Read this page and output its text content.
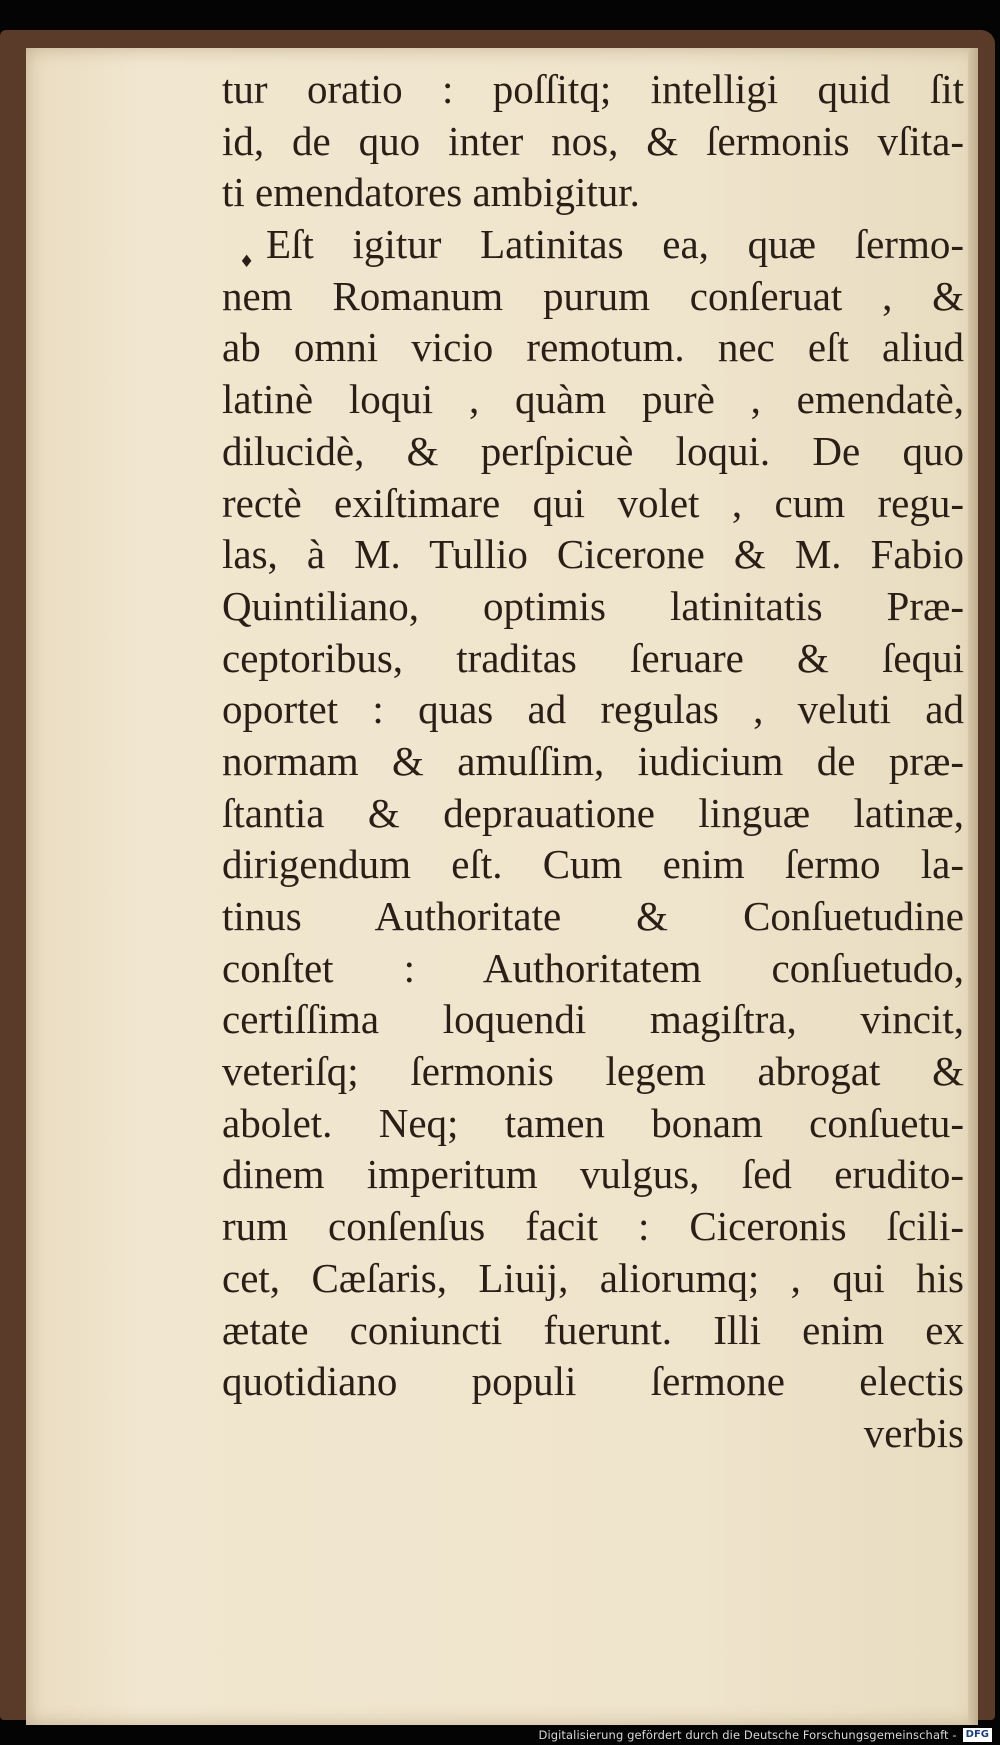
♦
tur oratio : poſſitq; intelligi quid ſit
id, de quo inter nos, & ſermonis vſita-
ti emendatores ambigitur.
Eſt igitur Latinitas ea, quæ ſermo-
nem Romanum purum conſeruat , &
ab omni vicio remotum. nec eſt aliud
latinè loqui , quàm purè , emendatè,
dilucidè, & perſpicuè loqui. De quo
rectè exiſtimare qui volet , cum regu-
las, à M. Tullio Cicerone & M. Fabio
Quintiliano, optimis latinitatis Præ-
ceptoribus, traditas ſeruare & ſequi
oportet : quas ad regulas , veluti ad
normam & amuſſim, iudicium de præ-
ſtantia & deprauatione linguæ latinæ,
dirigendum eſt. Cum enim ſermo la-
tinus Authoritate & Conſuetudine
conſtet : Authoritatem conſuetudo,
certiſſima loquendi magiſtra, vincit,
veteriſq; ſermonis legem abrogat &
abolet. Neq; tamen bonam conſuetu-
dinem imperitum vulgus, ſed erudito-
rum conſenſus facit : Ciceronis ſcili-
cet, Cæſaris, Liuij, aliorumq; , qui his
ætate coniuncti fuerunt. Illi enim ex
quotidiano populi ſermone electis
verbis
Digitalisierung gefördert durch die Deutsche Forschungsgemeinschaft - DFG
